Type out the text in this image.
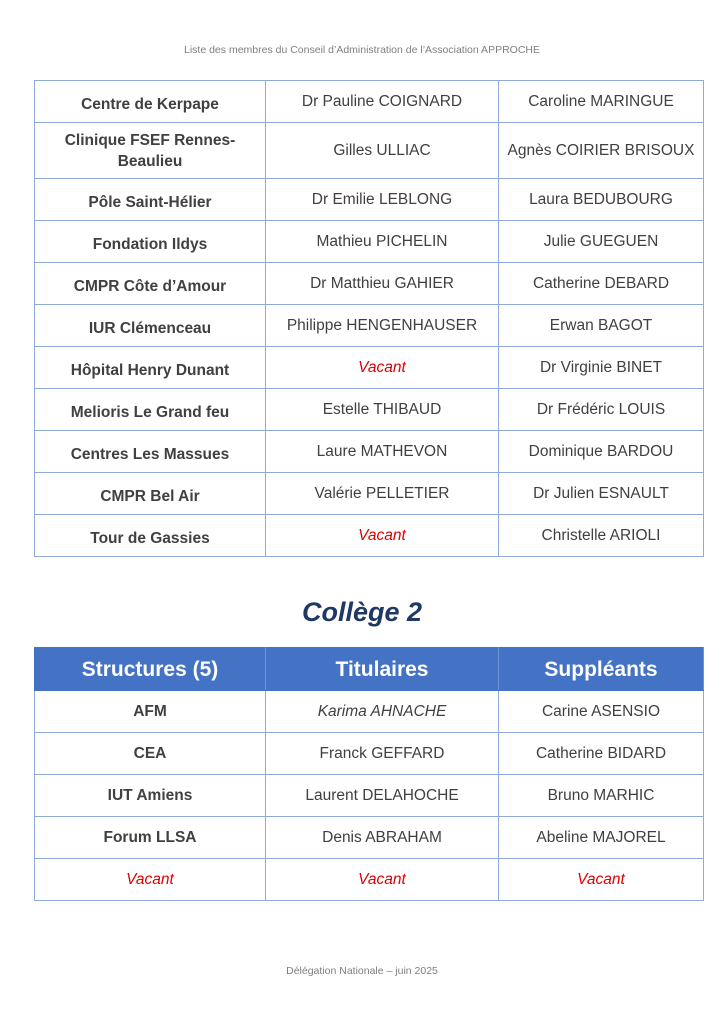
Liste des membres du Conseil d’Administration de l’Association APPROCHE
Centre de Kerpape	Dr Pauline COIGNARD	Caroline MARINGUE
Clinique FSEF Rennes-Beaulieu	Gilles ULLIAC	Agnès COIRIER BRISOUX
Pôle Saint-Hélier	Dr Emilie LEBLONG	Laura BEDUBOURG
Fondation Ildys	Mathieu PICHELIN	Julie GUEGUEN
CMPR Côte d’Amour	Dr Matthieu GAHIER	Catherine DEBARD
IUR Clémenceau	Philippe HENGENHAUSER	Erwan BAGOT
Hôpital Henry Dunant	Vacant	Dr Virginie BINET
Melioris Le Grand feu	Estelle THIBAUD	Dr Frédéric LOUIS
Centres Les Massues	Laure MATHEVON	Dominique BARDOU
CMPR Bel Air	Valérie PELLETIER	Dr Julien ESNAULT
Tour de Gassies	Vacant	Christelle ARIOLI
Collège 2
Structures (5)	Titulaires	Suppléants
AFM	Karima AHNACHE	Carine ASENSIO
CEA	Franck GEFFARD	Catherine BIDARD
IUT Amiens	Laurent DELAHOCHE	Bruno MARHIC
Forum LLSA	Denis ABRAHAM	Abeline MAJOREL
Vacant	Vacant	Vacant
Délégation Nationale – juin 2025
